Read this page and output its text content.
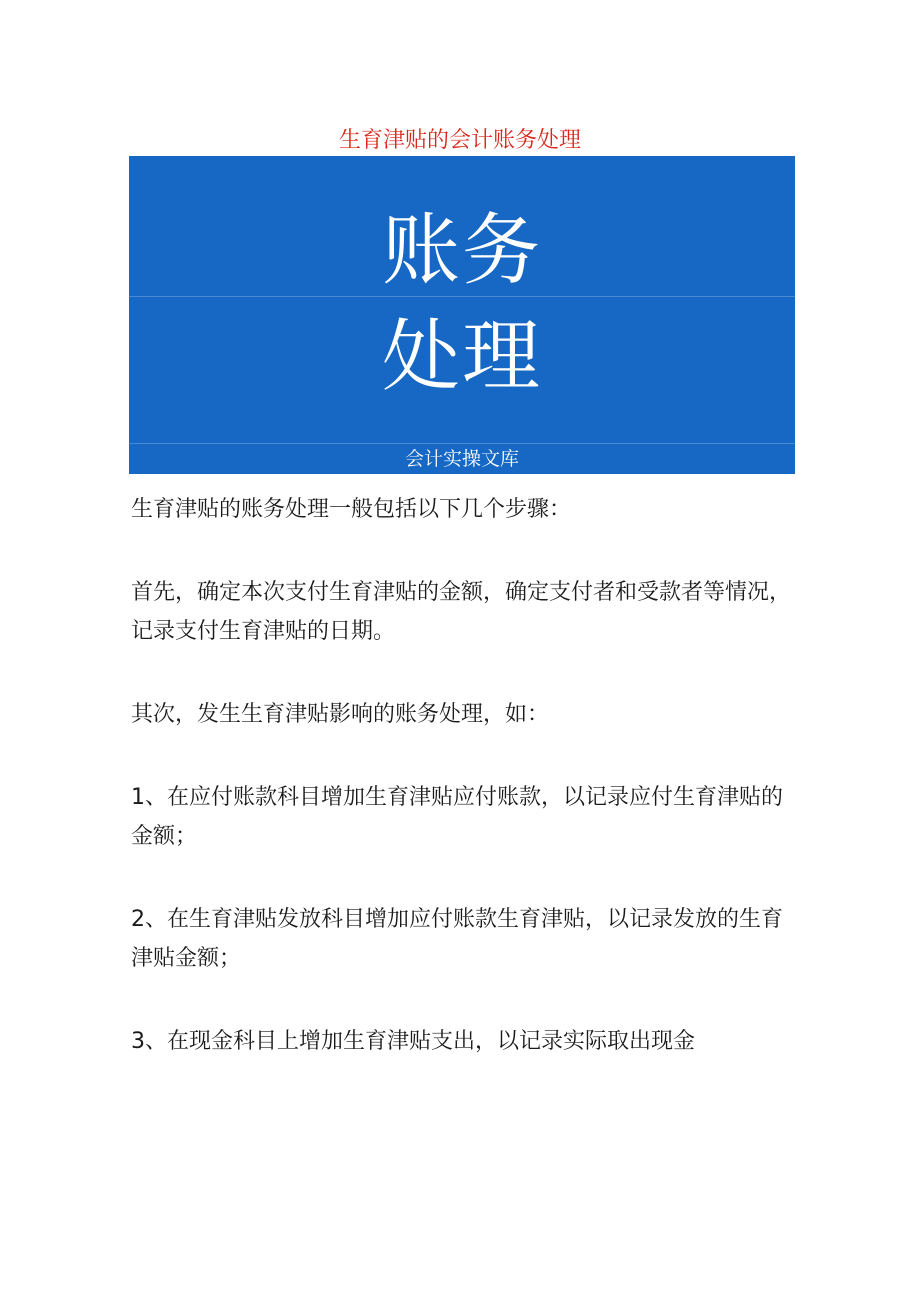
生育津贴的会计账务处理
账务
处理
会计实操文库

生育津贴的账务处理一般包括以下几个步骤：

首先，确定本次支付生育津贴的金额，确定支付者和受款者等情况，记录支付生育津贴的日期。

其次，发生生育津贴影响的账务处理，如：

1、在应付账款科目增加生育津贴应付账款，以记录应付生育津贴的金额；

2、在生育津贴发放科目增加应付账款生育津贴，以记录发放的生育津贴金额；

3、在现金科目上增加生育津贴支出，以记录实际取出现金
